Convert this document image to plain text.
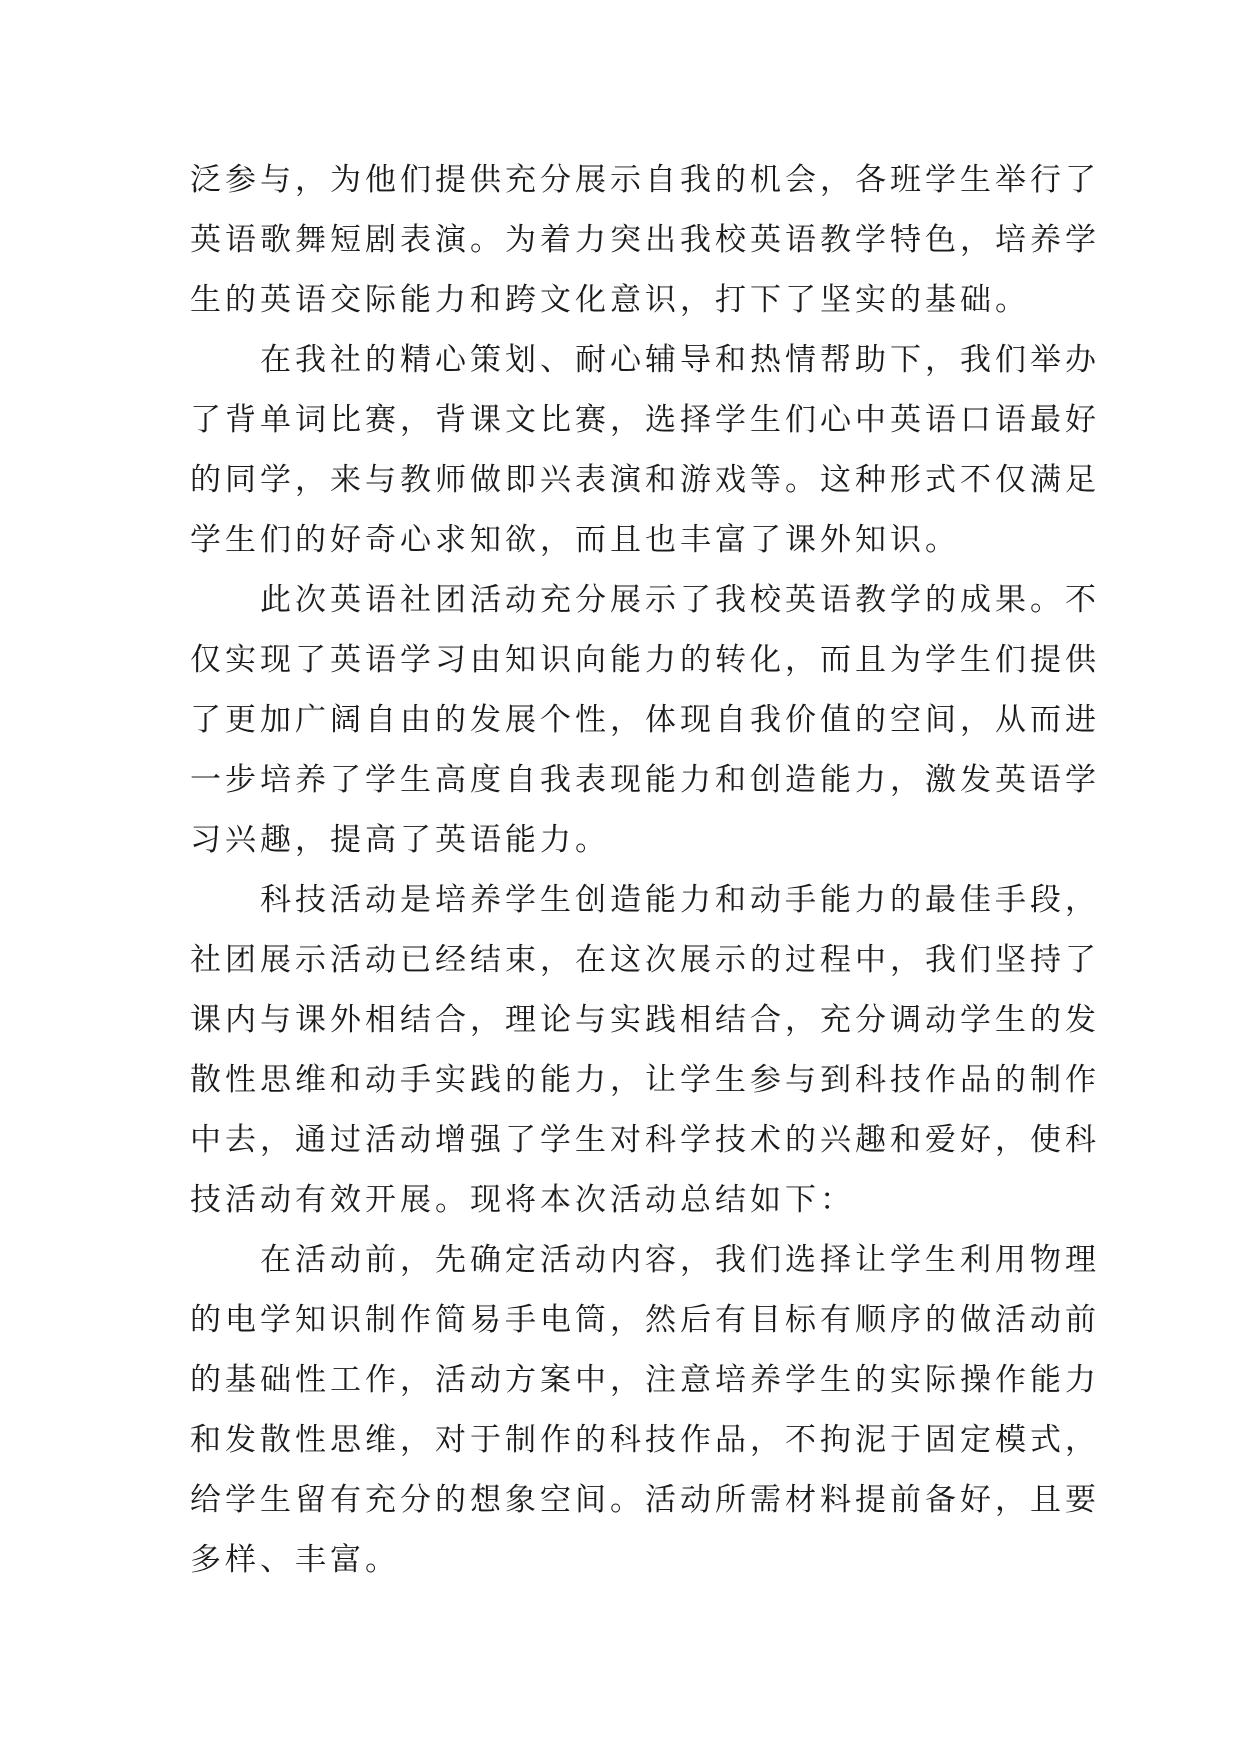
泛参与，为他们提供充分展示自我的机会，各班学生举行了
英语歌舞短剧表演。为着力突出我校英语教学特色，培养学
生的英语交际能力和跨文化意识，打下了坚实的基础。
在我社的精心策划、耐心辅导和热情帮助下，我们举办
了背单词比赛，背课文比赛，选择学生们心中英语口语最好
的同学，来与教师做即兴表演和游戏等。这种形式不仅满足
学生们的好奇心求知欲，而且也丰富了课外知识。
此次英语社团活动充分展示了我校英语教学的成果。不
仅实现了英语学习由知识向能力的转化，而且为学生们提供
了更加广阔自由的发展个性，体现自我价值的空间，从而进
一步培养了学生高度自我表现能力和创造能力，激发英语学
习兴趣，提高了英语能力。
科技活动是培养学生创造能力和动手能力的最佳手段，
社团展示活动已经结束，在这次展示的过程中，我们坚持了
课内与课外相结合，理论与实践相结合，充分调动学生的发
散性思维和动手实践的能力，让学生参与到科技作品的制作
中去，通过活动增强了学生对科学技术的兴趣和爱好，使科
技活动有效开展。现将本次活动总结如下：
在活动前，先确定活动内容，我们选择让学生利用物理
的电学知识制作简易手电筒，然后有目标有顺序的做活动前
的基础性工作，活动方案中，注意培养学生的实际操作能力
和发散性思维，对于制作的科技作品，不拘泥于固定模式，
给学生留有充分的想象空间。活动所需材料提前备好，且要
多样、丰富。
